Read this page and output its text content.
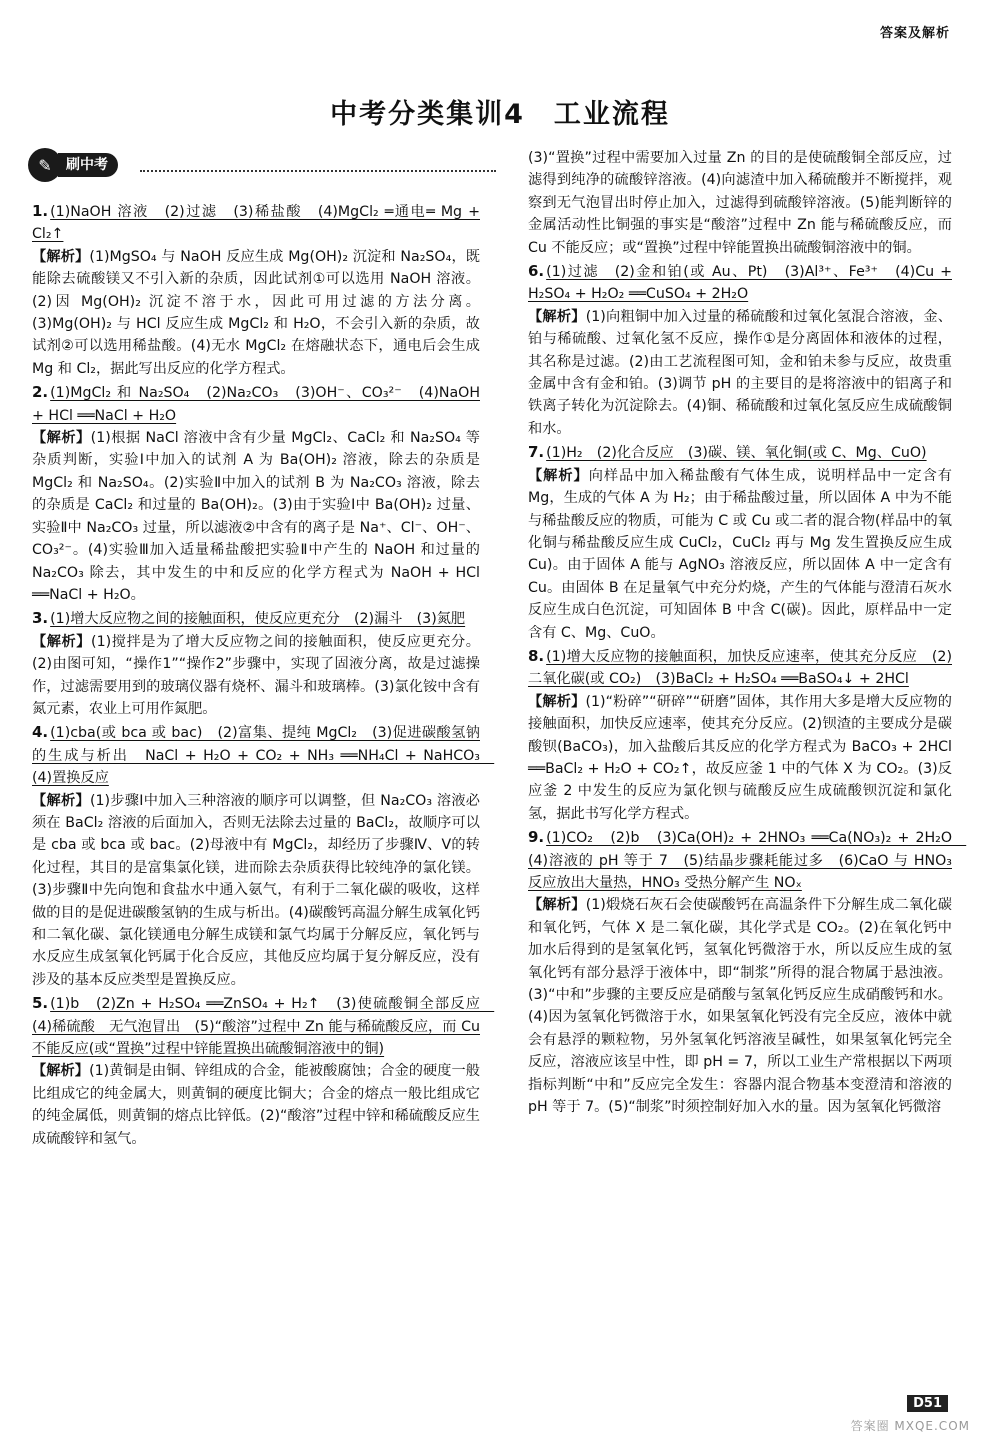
答案及解析
中考分类集训4　工业流程
✎	刷中考
1. (1)NaOH 溶液　(2)过滤　(3)稀盐酸　(4)MgCl₂ ═通电═ Mg + Cl₂↑
【解析】(1)MgSO₄ 与 NaOH 反应生成 Mg(OH)₂ 沉淀和 Na₂SO₄，既能除去硫酸镁又不引入新的杂质，因此试剂①可以选用 NaOH 溶液。(2)因 Mg(OH)₂ 沉淀不溶于水，因此可用过滤的方法分离。(3)Mg(OH)₂ 与 HCl 反应生成 MgCl₂ 和 H₂O，不会引入新的杂质，故试剂②可以选用稀盐酸。(4)无水 MgCl₂ 在熔融状态下，通电后会生成 Mg 和 Cl₂，据此写出反应的化学方程式。
2. (1)MgCl₂ 和 Na₂SO₄　(2)Na₂CO₃　(3)OH⁻、CO₃²⁻　(4)NaOH + HCl ══NaCl + H₂O
【解析】(1)根据 NaCl 溶液中含有少量 MgCl₂、CaCl₂ 和 Na₂SO₄ 等杂质判断，实验Ⅰ中加入的试剂 A 为 Ba(OH)₂ 溶液，除去的杂质是 MgCl₂ 和 Na₂SO₄。(2)实验Ⅱ中加入的试剂 B 为 Na₂CO₃ 溶液，除去的杂质是 CaCl₂ 和过量的 Ba(OH)₂。(3)由于实验Ⅰ中 Ba(OH)₂ 过量、实验Ⅱ中 Na₂CO₃ 过量，所以滤液②中含有的离子是 Na⁺、Cl⁻、OH⁻、CO₃²⁻。(4)实验Ⅲ加入适量稀盐酸把实验Ⅱ中产生的 NaOH 和过量的 Na₂CO₃ 除去，其中发生的中和反应的化学方程式为 NaOH + HCl ══NaCl + H₂O。
3. (1)增大反应物之间的接触面积，使反应更充分　(2)漏斗　(3)氮肥
【解析】(1)搅拌是为了增大反应物之间的接触面积，使反应更充分。(2)由图可知，“操作1”“操作2”步骤中，实现了固液分离，故是过滤操作，过滤需要用到的玻璃仪器有烧杯、漏斗和玻璃棒。(3)氯化铵中含有氮元素，农业上可用作氮肥。
4. (1)cba(或 bca 或 bac)　(2)富集、提纯 MgCl₂　(3)促进碳酸氢钠的生成与析出　NaCl + H₂O + CO₂ + NH₃ ══NH₄Cl + NaHCO₃　(4)置换反应
【解析】(1)步骤Ⅰ中加入三种溶液的顺序可以调整，但 Na₂CO₃ 溶液必须在 BaCl₂ 溶液的后面加入，否则无法除去过量的 BaCl₂，故顺序可以是 cba 或 bca 或 bac。(2)母液中有 MgCl₂，却经历了步骤Ⅳ、Ⅴ的转化过程，其目的是富集氯化镁，进而除去杂质获得比较纯净的氯化镁。(3)步骤Ⅱ中先向饱和食盐水中通入氨气，有利于二氧化碳的吸收，这样做的目的是促进碳酸氢钠的生成与析出。(4)碳酸钙高温分解生成氧化钙和二氧化碳、氯化镁通电分解生成镁和氯气均属于分解反应，氧化钙与水反应生成氢氧化钙属于化合反应，其他反应均属于复分解反应，没有涉及的基本反应类型是置换反应。
5. (1)b　(2)Zn + H₂SO₄ ══ZnSO₄ + H₂↑　(3)使硫酸铜全部反应　(4)稀硫酸　无气泡冒出　(5)“酸溶”过程中 Zn 能与稀硫酸反应，而 Cu 不能反应(或“置换”过程中锌能置换出硫酸铜溶液中的铜)
【解析】(1)黄铜是由铜、锌组成的合金，能被酸腐蚀；合金的硬度一般比组成它的纯金属大，则黄铜的硬度比铜大；合金的熔点一般比组成它的纯金属低，则黄铜的熔点比锌低。(2)“酸溶”过程中锌和稀硫酸反应生成硫酸锌和氢气。
(3)“置换”过程中需要加入过量 Zn 的目的是使硫酸铜全部反应，过滤得到纯净的硫酸锌溶液。(4)向滤渣中加入稀硫酸并不断搅拌，观察到无气泡冒出时停止加入，过滤得到硫酸锌溶液。(5)能判断锌的金属活动性比铜强的事实是“酸溶”过程中 Zn 能与稀硫酸反应，而 Cu 不能反应；或“置换”过程中锌能置换出硫酸铜溶液中的铜。
6. (1)过滤　(2)金和铂(或 Au、Pt)　(3)Al³⁺、Fe³⁺　(4)Cu + H₂SO₄ + H₂O₂ ══CuSO₄ + 2H₂O
【解析】(1)向粗铜中加入过量的稀硫酸和过氧化氢混合溶液，金、铂与稀硫酸、过氧化氢不反应，操作①是分离固体和液体的过程，其名称是过滤。(2)由工艺流程图可知，金和铂未参与反应，故贵重金属中含有金和铂。(3)调节 pH 的主要目的是将溶液中的铝离子和铁离子转化为沉淀除去。(4)铜、稀硫酸和过氧化氢反应生成硫酸铜和水。
7. (1)H₂　(2)化合反应　(3)碳、镁、氧化铜(或 C、Mg、CuO)
【解析】向样品中加入稀盐酸有气体生成，说明样品中一定含有 Mg，生成的气体 A 为 H₂；由于稀盐酸过量，所以固体 A 中为不能与稀盐酸反应的物质，可能为 C 或 Cu 或二者的混合物(样品中的氧化铜与稀盐酸反应生成 CuCl₂，CuCl₂ 再与 Mg 发生置换反应生成 Cu)。由于固体 A 能与 AgNO₃ 溶液反应，所以固体 A 中一定含有 Cu。由固体 B 在足量氧气中充分灼烧，产生的气体能与澄清石灰水反应生成白色沉淀，可知固体 B 中含 C(碳)。因此，原样品中一定含有 C、Mg、CuO。
8. (1)增大反应物的接触面积，加快反应速率，使其充分反应　(2)二氧化碳(或 CO₂)　(3)BaCl₂ + H₂SO₄ ══BaSO₄↓ + 2HCl
【解析】(1)“粉碎”“研碎”“研磨”固体，其作用大多是增大反应物的接触面积，加快反应速率，使其充分反应。(2)钡渣的主要成分是碳酸钡(BaCO₃)，加入盐酸后其反应的化学方程式为 BaCO₃ + 2HCl ══BaCl₂ + H₂O + CO₂↑，故反应釜 1 中的气体 X 为 CO₂。(3)反应釜 2 中发生的反应为氯化钡与硫酸反应生成硫酸钡沉淀和氯化氢，据此书写化学方程式。
9. (1)CO₂　(2)b　(3)Ca(OH)₂ + 2HNO₃ ══Ca(NO₃)₂ + 2H₂O　(4)溶液的 pH 等于 7　(5)结晶步骤耗能过多　(6)CaO 与 HNO₃ 反应放出大量热，HNO₃ 受热分解产生 NOₓ
【解析】(1)煅烧石灰石会使碳酸钙在高温条件下分解生成二氧化碳和氧化钙，气体 X 是二氧化碳，其化学式是 CO₂。(2)在氧化钙中加水后得到的是氢氧化钙，氢氧化钙微溶于水，所以反应生成的氢氧化钙有部分悬浮于液体中，即“制浆”所得的混合物属于悬浊液。(3)“中和”步骤的主要反应是硝酸与氢氧化钙反应生成硝酸钙和水。(4)因为氢氧化钙微溶于水，如果氢氧化钙没有完全反应，液体中就会有悬浮的颗粒物，另外氢氧化钙溶液呈碱性，如果氢氧化钙完全反应，溶液应该呈中性，即 pH = 7，所以工业生产常根据以下两项指标判断“中和”反应完全发生：容器内混合物基本变澄清和溶液的 pH 等于 7。(5)“制浆”时须控制好加入水的量。因为氢氧化钙微溶
D51
答案圈 MXQE.COM
